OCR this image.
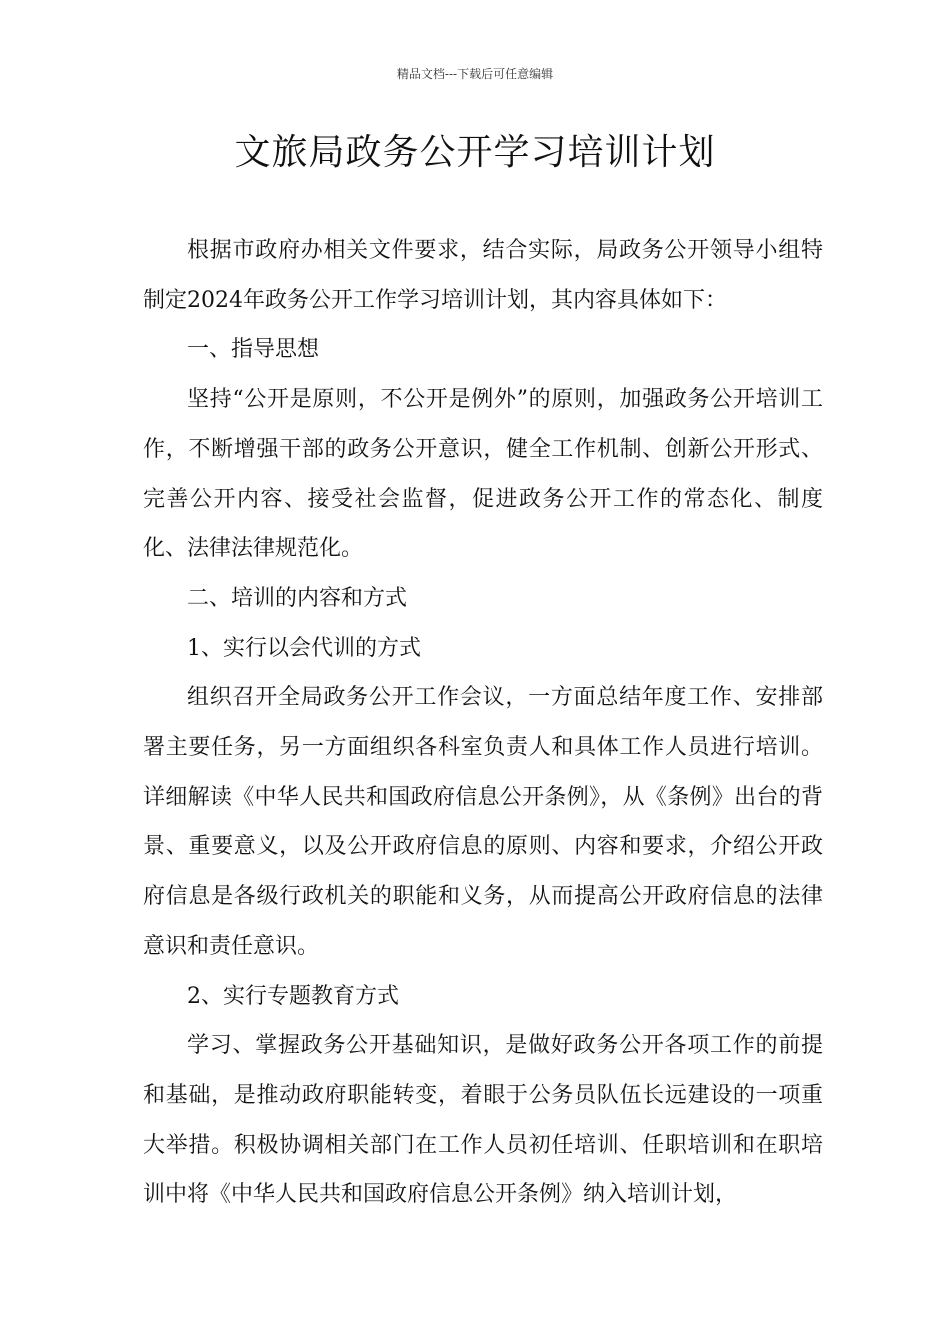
精品文档---下载后可任意编辑
文旅局政务公开学习培训计划

根据市政府办相关文件要求，结合实际，局政务公开领导小组特制定2024年政务公开工作学习培训计划，其内容具体如下：

一、指导思想

坚持“公开是原则，不公开是例外”的原则，加强政务公开培训工作，不断增强干部的政务公开意识，健全工作机制、创新公开形式、完善公开内容、接受社会监督，促进政务公开工作的常态化、制度化、法律法律规范化。

二、培训的内容和方式

1、实行以会代训的方式

组织召开全局政务公开工作会议，一方面总结年度工作、安排部署主要任务，另一方面组织各科室负责人和具体工作人员进行培训。详细解读《中华人民共和国政府信息公开条例》，从《条例》出台的背景、重要意义，以及公开政府信息的原则、内容和要求，介绍公开政府信息是各级行政机关的职能和义务，从而提高公开政府信息的法律意识和责任意识。

2、实行专题教育方式

学习、掌握政务公开基础知识，是做好政务公开各项工作的前提和基础，是推动政府职能转变，着眼于公务员队伍长远建设的一项重大举措。积极协调相关部门在工作人员初任培训、任职培训和在职培训中将《中华人民共和国政府信息公开条例》纳入培训计划，
